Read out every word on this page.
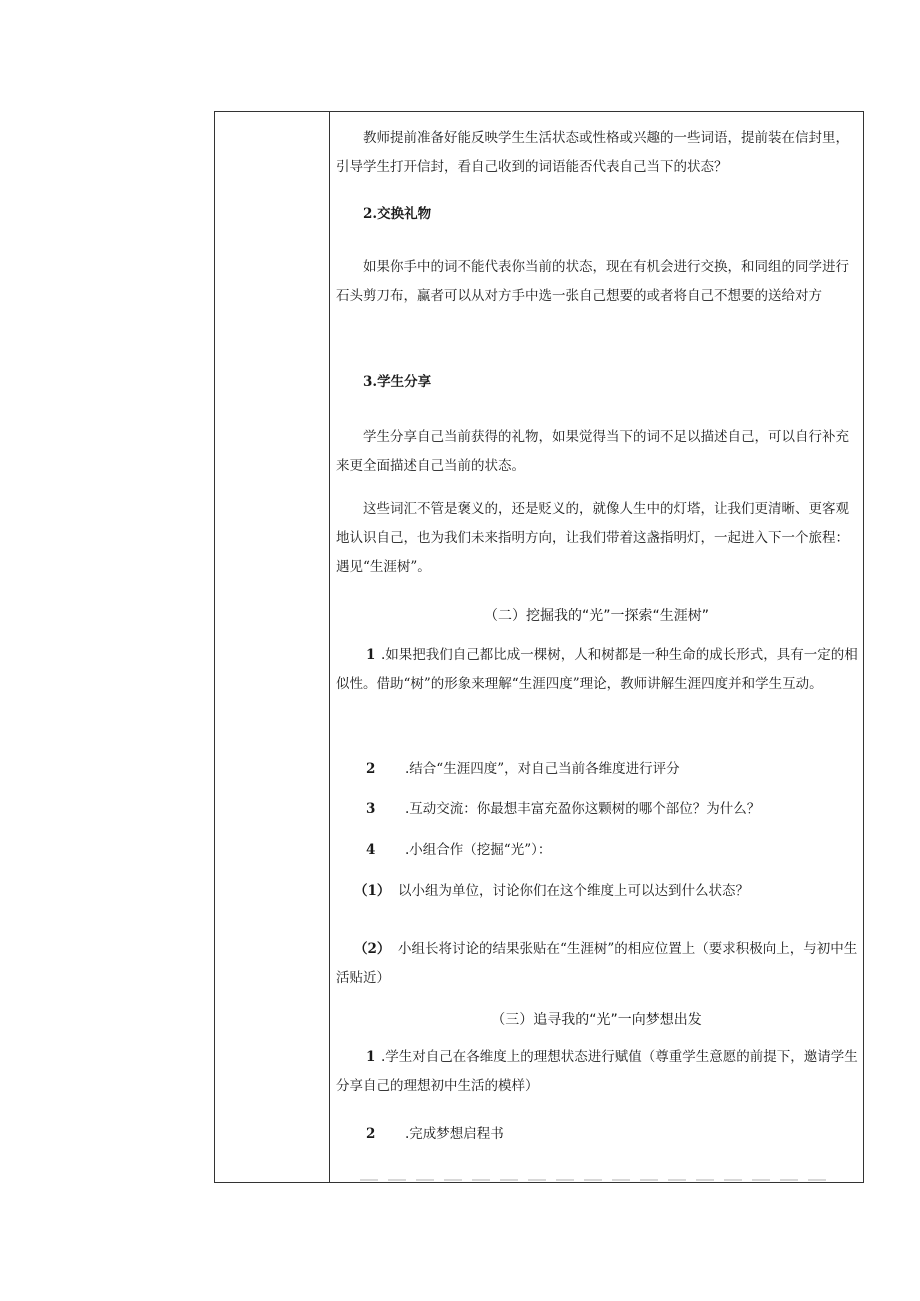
教师提前准备好能反映学生生活状态或性格或兴趣的一些词语，提前装在信封里，引导学生打开信封，看自己收到的词语能否代表自己当下的状态？

2.交换礼物

如果你手中的词不能代表你当前的状态，现在有机会进行交换，和同组的同学进行石头剪刀布，赢者可以从对方手中选一张自己想要的或者将自己不想要的送给对方

3.学生分享

学生分享自己当前获得的礼物，如果觉得当下的词不足以描述自己，可以自行补充来更全面描述自己当前的状态。

这些词汇不管是褒义的，还是贬义的，就像人生中的灯塔，让我们更清晰、更客观地认识自己，也为我们未来指明方向，让我们带着这盏指明灯，一起进入下一个旅程：遇见“生涯树”。

（二）挖掘我的“光”一探索“生涯树”
1 .如果把我们自己都比成一棵树，人和树都是一种生命的成长形式，具有一定的相似性。借助“树”的形象来理解“生涯四度”理论，教师讲解生涯四度并和学生互动。

2 .结合“生涯四度”，对自己当前各维度进行评分
3 .互动交流：你最想丰富充盈你这颗树的哪个部位？为什么？
4 .小组合作（挖掘“光”）：
（1） 以小组为单位，讨论你们在这个维度上可以达到什么状态？
（2） 小组长将讨论的结果张贴在“生涯树”的相应位置上（要求积极向上，与初中生活贴近）

（三）追寻我的“光”一向梦想出发
1 .学生对自己在各维度上的理想状态进行赋值（尊重学生意愿的前提下，邀请学生分享自己的理想初中生活的模样）

2 .完成梦想启程书
